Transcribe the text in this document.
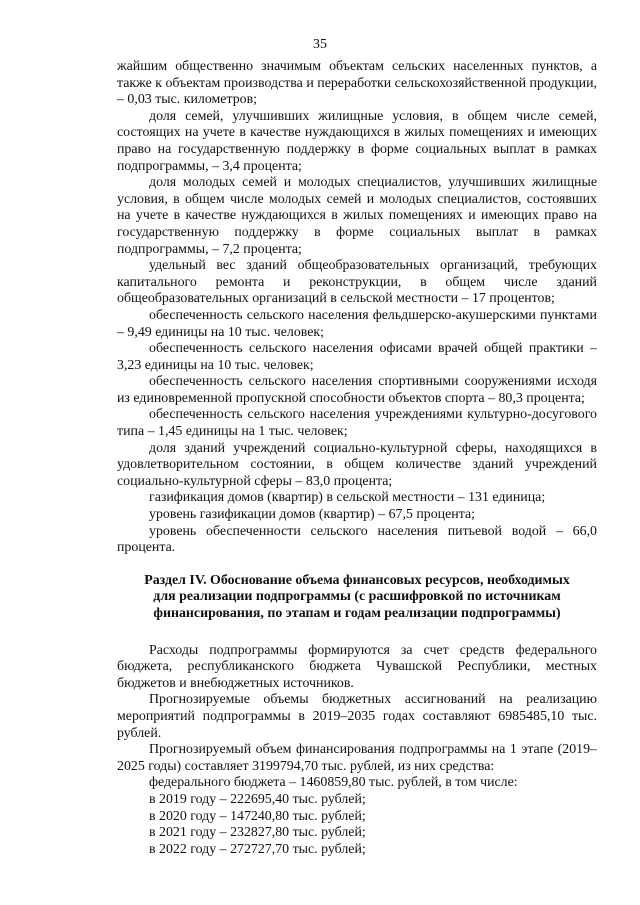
35

жайшим общественно значимым объектам сельских населенных пунктов, а также к объектам производства и переработки сельскохозяйственной продукции, – 0,03 тыс. километров;

доля семей, улучшивших жилищные условия, в общем числе семей, состоящих на учете в качестве нуждающихся в жилых помещениях и имеющих право на государственную поддержку в форме социальных выплат в рамках подпрограммы, – 3,4 процента;

доля молодых семей и молодых специалистов, улучшивших жилищные условия, в общем числе молодых семей и молодых специалистов, состоявших на учете в качестве нуждающихся в жилых помещениях и имеющих право на государственную поддержку в форме социальных выплат в рамках подпрограммы, – 7,2 процента;

удельный вес зданий общеобразовательных организаций, требующих капитального ремонта и реконструкции, в общем числе зданий общеобразовательных организаций в сельской местности – 17 процентов;

обеспеченность сельского населения фельдшерско-акушерскими пунктами – 9,49 единицы на 10 тыс. человек;

обеспеченность сельского населения офисами врачей общей практики – 3,23 единицы на 10 тыс. человек;

обеспеченность сельского населения спортивными сооружениями исходя из единовременной пропускной способности объектов спорта – 80,3 процента;

обеспеченность сельского населения учреждениями культурно-досугового типа – 1,45 единицы на 1 тыс. человек;

доля зданий учреждений социально-культурной сферы, находящихся в удовлетворительном состоянии, в общем количестве зданий учреждений социально-культурной сферы – 83,0 процента;

газификация домов (квартир) в сельской местности – 131 единица;

уровень газификации домов (квартир) – 67,5 процента;

уровень обеспеченности сельского населения питьевой водой – 66,0 процента.

Раздел IV. Обоснование объема финансовых ресурсов, необходимых
для реализации подпрограммы (с расшифровкой по источникам
финансирования, по этапам и годам реализации подпрограммы)

Расходы подпрограммы формируются за счет средств федерального бюджета, республиканского бюджета Чувашской Республики, местных бюджетов и внебюджетных источников.

Прогнозируемые объемы бюджетных ассигнований на реализацию мероприятий подпрограммы в 2019–2035 годах составляют 6985485,10 тыс. рублей.

Прогнозируемый объем финансирования подпрограммы на 1 этапе (2019–2025 годы) составляет 3199794,70 тыс. рублей, из них средства:

федерального бюджета – 1460859,80 тыс. рублей, в том числе:

в 2019 году – 222695,40 тыс. рублей;

в 2020 году – 147240,80 тыс. рублей;

в 2021 году – 232827,80 тыс. рублей;

в 2022 году – 272727,70 тыс. рублей;
